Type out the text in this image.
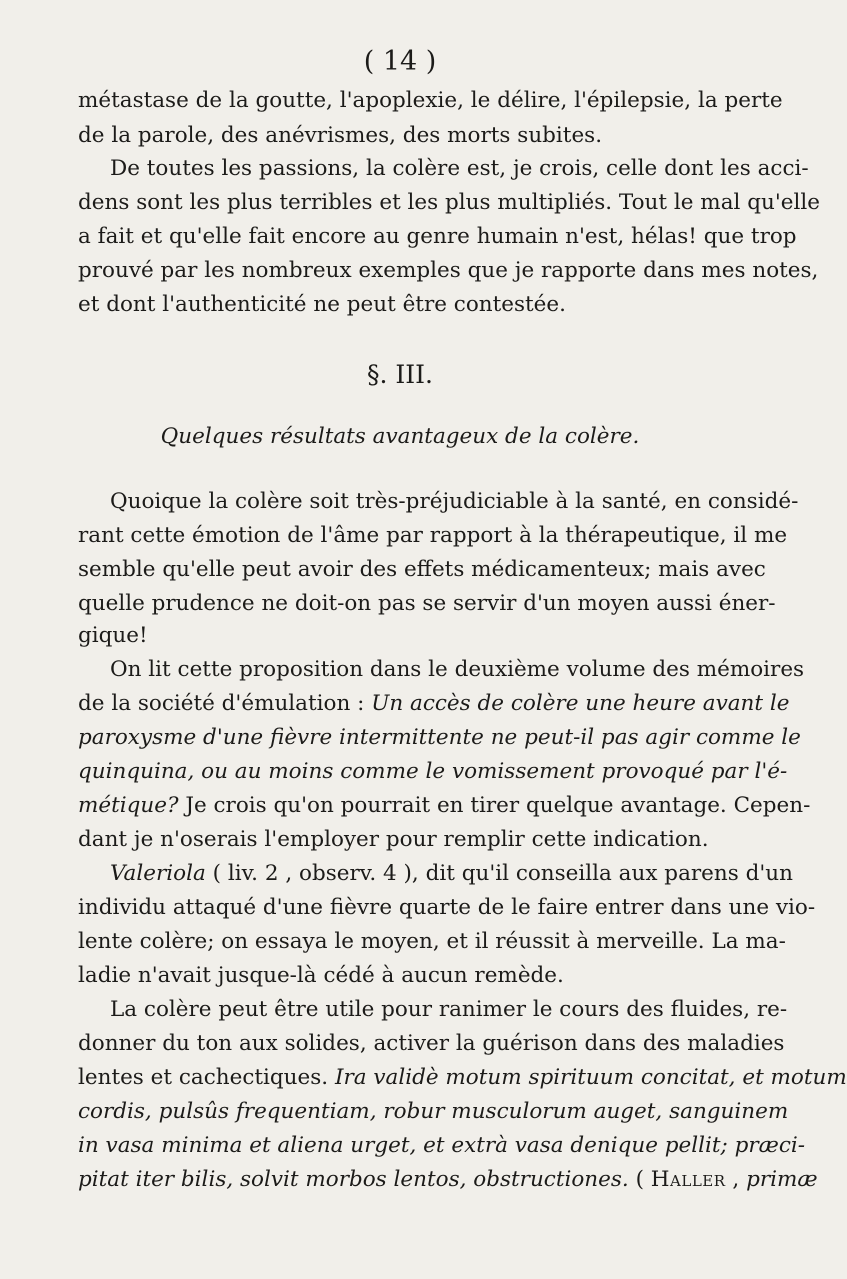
( 14 )
métastase de la goutte, l'apoplexie, le délire, l'épilepsie, la perte
de la parole, des anévrismes, des morts subites.
De toutes les passions, la colère est, je crois, celle dont les acci-
dens sont les plus terribles et les plus multipliés. Tout le mal qu'elle
a fait et qu'elle fait encore au genre humain n'est, hélas! que trop
prouvé par les nombreux exemples que je rapporte dans mes notes,
et dont l'authenticité ne peut être contestée.
§. III.
Quelques résultats avantageux de la colère.
Quoique la colère soit très-préjudiciable à la santé, en considé-
rant cette émotion de l'âme par rapport à la thérapeutique, il me
semble qu'elle peut avoir des effets médicamenteux; mais avec
quelle prudence ne doit-on pas se servir d'un moyen aussi éner-
gique!
On lit cette proposition dans le deuxième volume des mémoires
de la société d'émulation : Un accès de colère une heure avant le
paroxysme d'une fièvre intermittente ne peut-il pas agir comme le
quinquina, ou au moins comme le vomissement provoqué par l'é-
métique? Je crois qu'on pourrait en tirer quelque avantage. Cepen-
dant je n'oserais l'employer pour remplir cette indication.
Valeriola ( liv. 2 , observ. 4 ), dit qu'il conseilla aux parens d'un
individu attaqué d'une fièvre quarte de le faire entrer dans une vio-
lente colère; on essaya le moyen, et il réussit à merveille. La ma-
ladie n'avait jusque-là cédé à aucun remède.
La colère peut être utile pour ranimer le cours des fluides, re-
donner du ton aux solides, activer la guérison dans des maladies
lentes et cachectiques. Ira validè motum spirituum concitat, et motum
cordis, pulsûs frequentiam, robur musculorum auget, sanguinem
in vasa minima et aliena urget, et extrà vasa denique pellit; præci-
pitat iter bilis, solvit morbos lentos, obstructiones. ( Haller , primæ
